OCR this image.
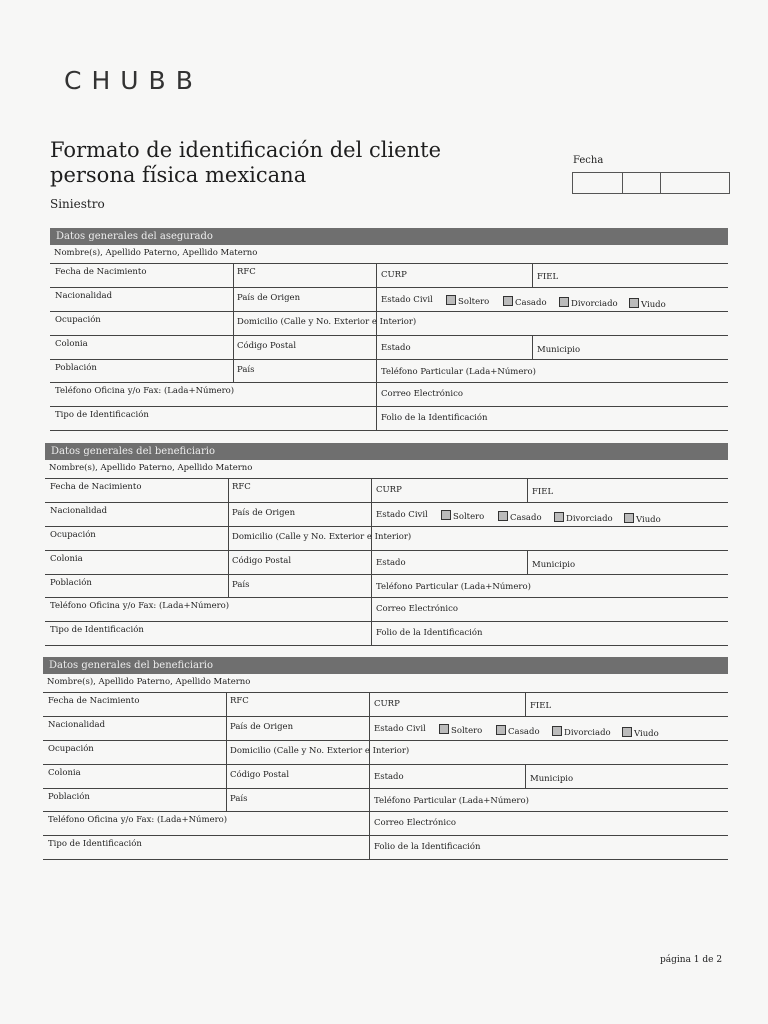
CHUBB
Formato de identificación del cliente
persona física mexicana
Siniestro
Fecha
Datos generales del asegurado
Nombre(s), Apellido Paterno, Apellido Materno
Fecha de Nacimiento	RFC	CURP	FIEL
Nacionalidad	País de Origen	Estado Civil	Soltero	Casado	Divorciado	Viudo
Ocupación	Domicilio (Calle y No. Exterior e Interior)
Colonia	Código Postal	Estado	Municipio
Población	País	Teléfono Particular (Lada+Número)
Teléfono Oficina y/o Fax: (Lada+Número)	Correo Electrónico
Tipo de Identificación	Folio de la Identificación
Datos generales del beneficiario
Nombre(s), Apellido Paterno, Apellido Materno
Fecha de Nacimiento	RFC	CURP	FIEL
Nacionalidad	País de Origen	Estado Civil	Soltero	Casado	Divorciado	Viudo
Ocupación	Domicilio (Calle y No. Exterior e Interior)
Colonia	Código Postal	Estado	Municipio
Población	País	Teléfono Particular (Lada+Número)
Teléfono Oficina y/o Fax: (Lada+Número)	Correo Electrónico
Tipo de Identificación	Folio de la Identificación
Datos generales del beneficiario
Nombre(s), Apellido Paterno, Apellido Materno
Fecha de Nacimiento	RFC	CURP	FIEL
Nacionalidad	País de Origen	Estado Civil	Soltero	Casado	Divorciado	Viudo
Ocupación	Domicilio (Calle y No. Exterior e Interior)
Colonia	Código Postal	Estado	Municipio
Población	País	Teléfono Particular (Lada+Número)
Teléfono Oficina y/o Fax: (Lada+Número)	Correo Electrónico
Tipo de Identificación	Folio de la Identificación
página 1 de 2
